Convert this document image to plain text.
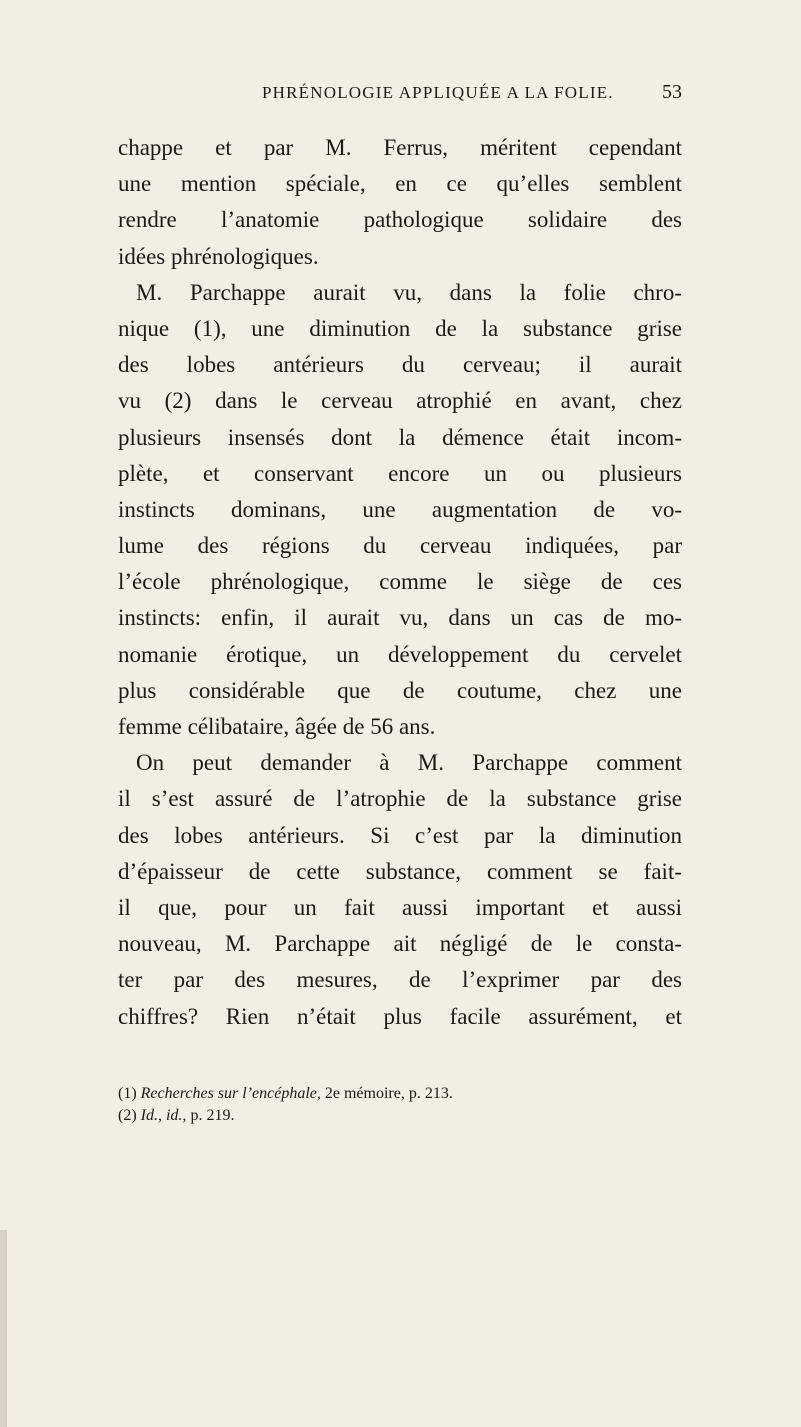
PHRÉNOLOGIE APPLIQUÉE A LA FOLIE. 53
chappe et par M. Ferrus, méritent cependant
une mention spéciale, en ce qu’elles semblent
rendre l’anatomie pathologique solidaire des
idées phrénologiques.
M. Parchappe aurait vu, dans la folie chro-
nique (1), une diminution de la substance grise
des lobes antérieurs du cerveau; il aurait
vu (2) dans le cerveau atrophié en avant, chez
plusieurs insensés dont la démence était incom-
plète, et conservant encore un ou plusieurs
instincts dominans, une augmentation de vo-
lume des régions du cerveau indiquées, par
l’école phrénologique, comme le siège de ces
instincts: enfin, il aurait vu, dans un cas de mo-
nomanie érotique, un développement du cervelet
plus considérable que de coutume, chez une
femme célibataire, âgée de 56 ans.
On peut demander à M. Parchappe comment
il s’est assuré de l’atrophie de la substance grise
des lobes antérieurs. Si c’est par la diminution
d’épaisseur de cette substance, comment se fait-
il que, pour un fait aussi important et aussi
nouveau, M. Parchappe ait négligé de le consta-
ter par des mesures, de l’exprimer par des
chiffres? Rien n’était plus facile assurément, et
(1) Recherches sur l’encéphale, 2e mémoire, p. 213.
(2) Id., id., p. 219.
